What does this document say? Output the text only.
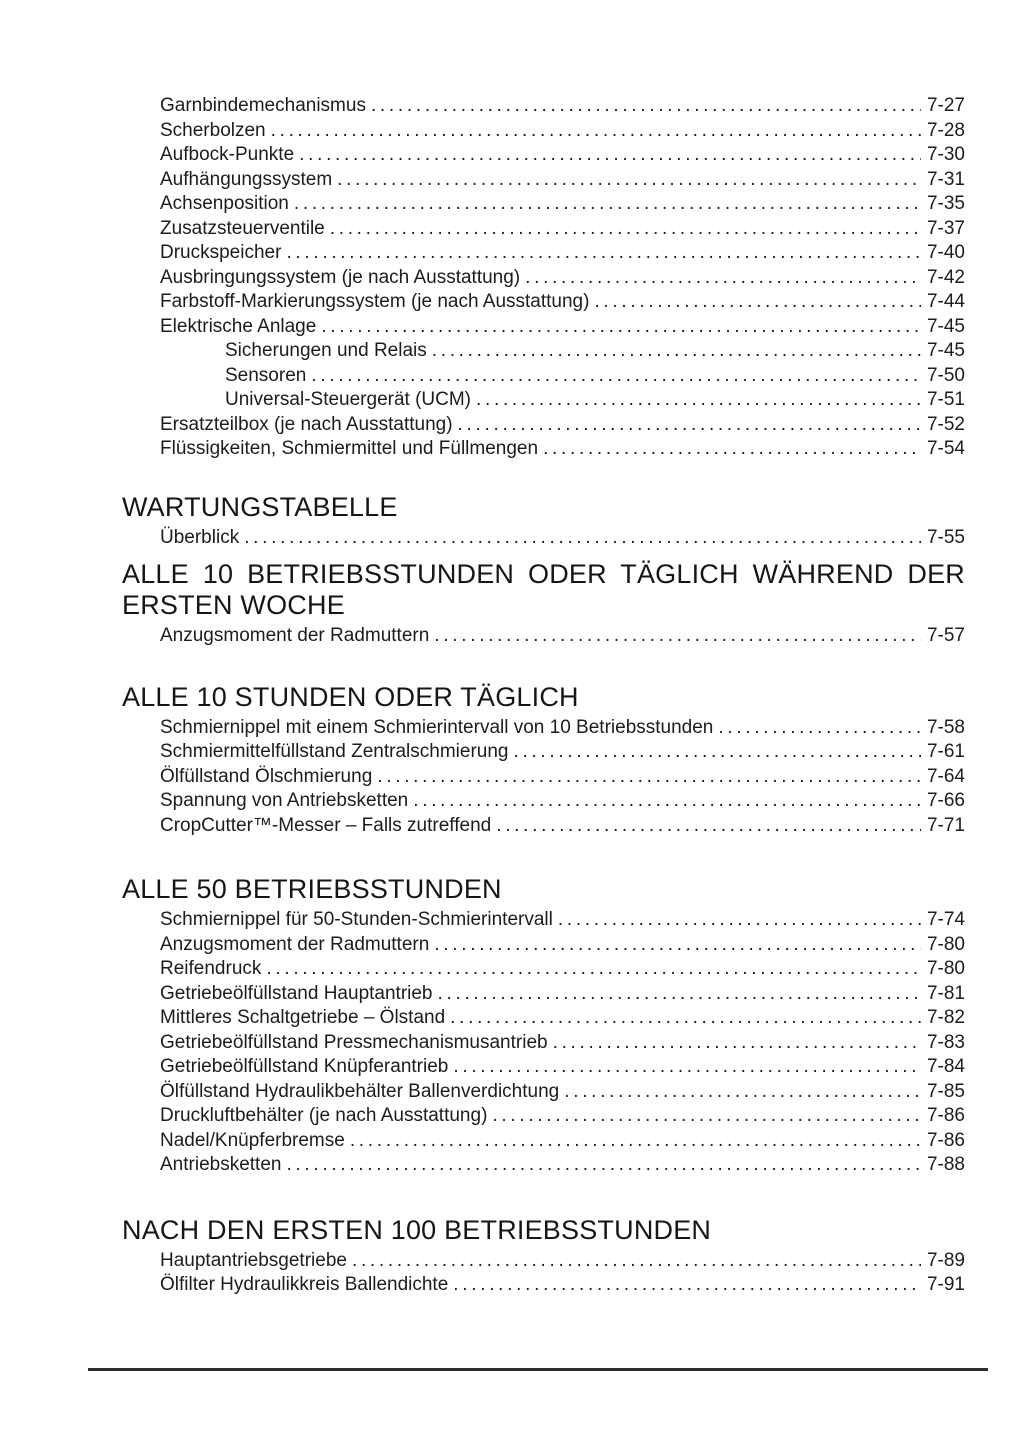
Garnbindemechanismus .....	7-27
Scherbolzen .....	7-28
Aufbock-Punkte .....	7-30
Aufhängungssystem .....	7-31
Achsenposition .....	7-35
Zusatzsteuerventile .....	7-37
Druckspeicher .....	7-40
Ausbringungssystem (je nach Ausstattung) .....	7-42
Farbstoff-Markierungssystem (je nach Ausstattung) .....	7-44
Elektrische Anlage .....	7-45
Sicherungen und Relais .....	7-45
Sensoren .....	7-50
Universal-Steuergerät (UCM) .....	7-51
Ersatzteilbox (je nach Ausstattung) .....	7-52
Flüssigkeiten, Schmiermittel und Füllmengen .....	7-54
WARTUNGSTABELLE
Überblick .....	7-55
ALLE 10 BETRIEBSSTUNDEN ODER TÄGLICH WÄHREND DER
ERSTEN WOCHE
Anzugsmoment der Radmuttern .....	7-57
ALLE 10 STUNDEN ODER TÄGLICH
Schmiernippel mit einem Schmierintervall von 10 Betriebsstunden .....	7-58
Schmiermittelfüllstand Zentralschmierung .....	7-61
Ölfüllstand Ölschmierung .....	7-64
Spannung von Antriebsketten .....	7-66
CropCutter™-Messer – Falls zutreffend .....	7-71
ALLE 50 BETRIEBSSTUNDEN
Schmiernippel für 50-Stunden-Schmierintervall .....	7-74
Anzugsmoment der Radmuttern .....	7-80
Reifendruck .....	7-80
Getriebeölfüllstand Hauptantrieb .....	7-81
Mittleres Schaltgetriebe – Ölstand .....	7-82
Getriebeölfüllstand Pressmechanismusantrieb .....	7-83
Getriebeölfüllstand Knüpferantrieb .....	7-84
Ölfüllstand Hydraulikbehälter Ballenverdichtung .....	7-85
Druckluftbehälter (je nach Ausstattung) .....	7-86
Nadel/Knüpferbremse .....	7-86
Antriebsketten .....	7-88
NACH DEN ERSTEN 100 BETRIEBSSTUNDEN
Hauptantriebsgetriebe .....	7-89
Ölfilter Hydraulikkreis Ballendichte .....	7-91
